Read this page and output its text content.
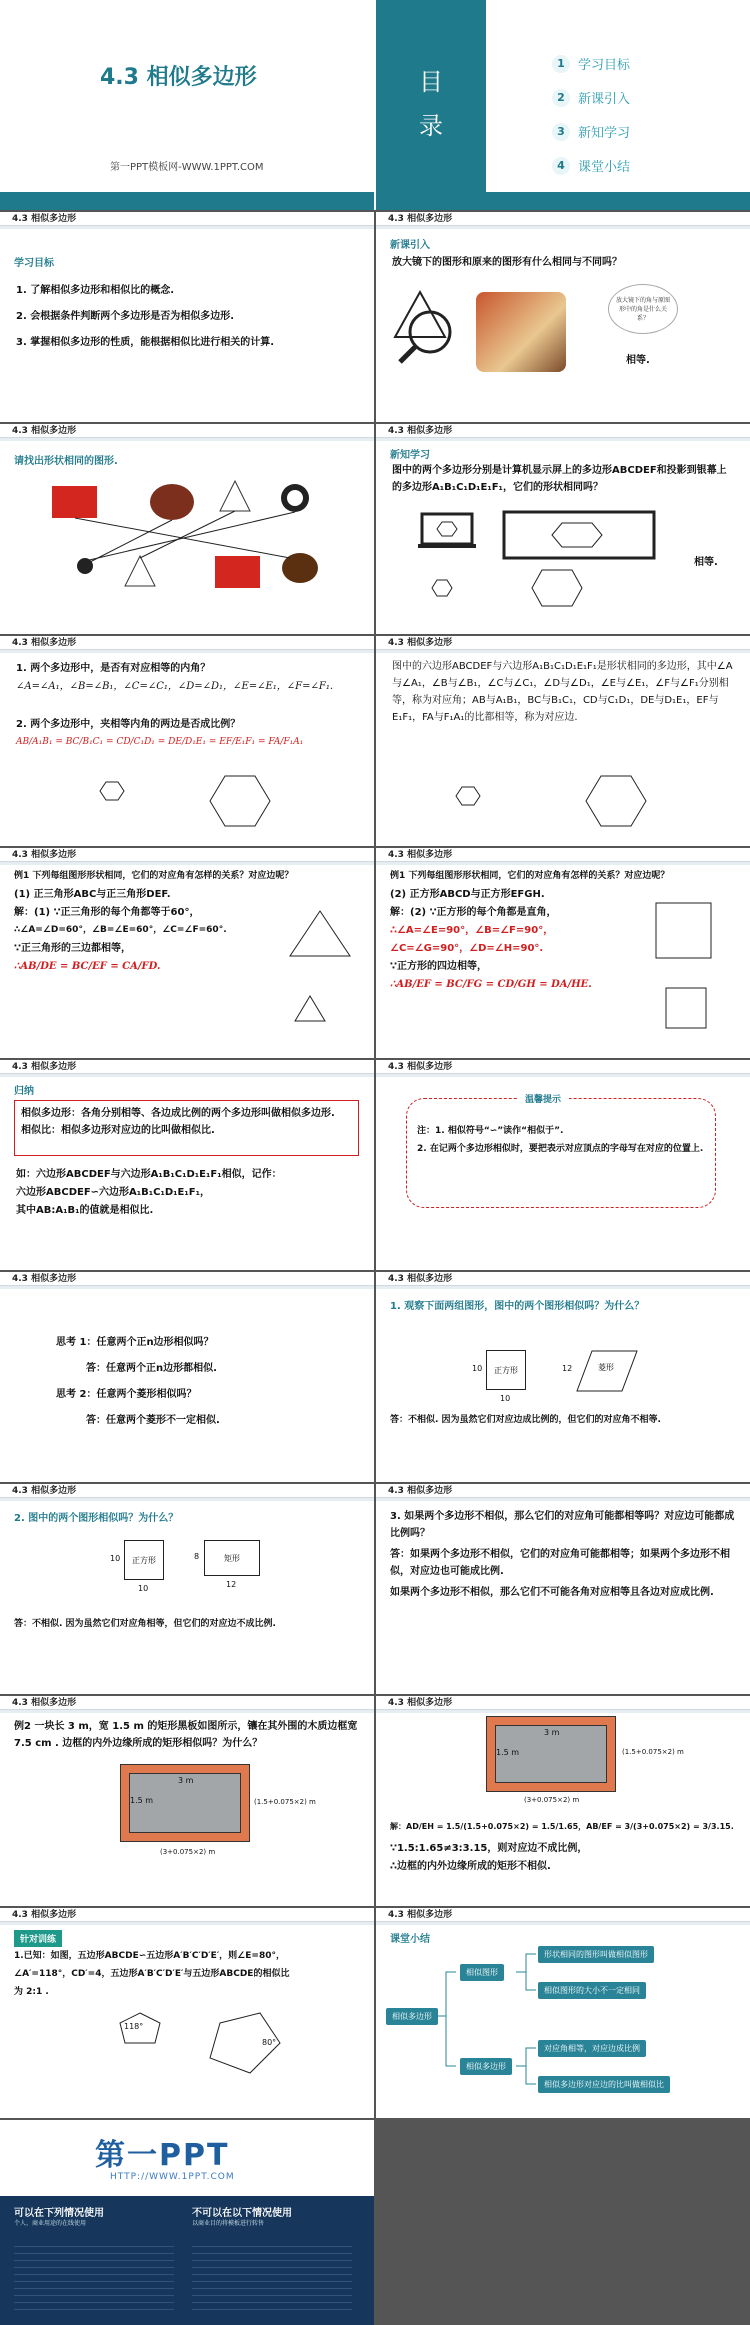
4.3 相似多边形
第一PPT模板网-WWW.1PPT.COM
目录
1	学习目标
2	新课引入
3	新知学习
4	课堂小结
4.3 相似多边形
学习目标
1. 了解相似多边形和相似比的概念.
2. 会根据条件判断两个多边形是否为相似多边形.
3. 掌握相似多边形的性质，能根据相似比进行相关的计算.
4.3 相似多边形
新课引入
放大镜下的图形和原来的图形有什么相同与不同吗？
放大镜下的角与原图形中的角是什么关系？
相等.
4.3 相似多边形
请找出形状相同的图形.
4.3 相似多边形
新知学习
图中的两个多边形分别是计算机显示屏上的多边形ABCDEF和投影到银幕上的多边形A₁B₁C₁D₁E₁F₁，它们的形状相同吗？
相等.
4.3 相似多边形
1. 两个多边形中，是否有对应相等的内角？
∠A=∠A₁，∠B=∠B₁，∠C=∠C₁，∠D=∠D₁，∠E=∠E₁，∠F=∠F₁.
2. 两个多边形中，夹相等内角的两边是否成比例？
AB/A₁B₁ = BC/B₁C₁ = CD/C₁D₁ = DE/D₁E₁ = EF/E₁F₁ = FA/F₁A₁
4.3 相似多边形
图中的六边形ABCDEF与六边形A₁B₁C₁D₁E₁F₁是形状相同的多边形，其中∠A与∠A₁，∠B与∠B₁，∠C与∠C₁，∠D与∠D₁，∠E与∠E₁，∠F与∠F₁分别相等，称为对应角；AB与A₁B₁，BC与B₁C₁，CD与C₁D₁，DE与D₁E₁，EF与E₁F₁，FA与F₁A₁的比都相等，称为对应边.
4.3 相似多边形
例1 下列每组图形形状相同，它们的对应角有怎样的关系？对应边呢？
(1) 正三角形ABC与正三角形DEF.
解：(1) ∵正三角形的每个角都等于60°，
∴∠A=∠D=60°，∠B=∠E=60°，∠C=∠F=60°.
∵正三角形的三边都相等，
∴AB/DE = BC/EF = CA/FD.
4.3 相似多边形
例1 下列每组图形形状相同，它们的对应角有怎样的关系？对应边呢？
(2) 正方形ABCD与正方形EFGH.
解：(2) ∵正方形的每个角都是直角，
∴∠A=∠E=90°，∠B=∠F=90°，
∠C=∠G=90°，∠D=∠H=90°.
∵正方形的四边相等，
∴AB/EF = BC/FG = CD/GH = DA/HE.
4.3 相似多边形
归纳
相似多边形：各角分别相等、各边成比例的两个多边形叫做相似多边形.
相似比：相似多边形对应边的比叫做相似比.
如：六边形ABCDEF与六边形A₁B₁C₁D₁E₁F₁相似，记作：
六边形ABCDEF∽六边形A₁B₁C₁D₁E₁F₁，
其中AB:A₁B₁的值就是相似比.
4.3 相似多边形
温馨提示
注：1. 相似符号“∽”读作“相似于”.
2. 在记两个多边形相似时，要把表示对应顶点的字母写在对应的位置上.
4.3 相似多边形
思考 1：任意两个正n边形相似吗？
答：任意两个正n边形都相似.
思考 2：任意两个菱形相似吗？
答：任意两个菱形不一定相似.
4.3 相似多边形
1. 观察下面两组图形，图中的两个图形相似吗？为什么？
正方形
10
10
菱形
12
答：不相似. 因为虽然它们对应边成比例的，但它们的对应角不相等.
4.3 相似多边形
2. 图中的两个图形相似吗？为什么？
正方形
10
10
矩形
8
12
答：不相似. 因为虽然它们对应角相等，但它们的对应边不成比例.
4.3 相似多边形
3. 如果两个多边形不相似，那么它们的对应角可能都相等吗？对应边可能都成比例吗？
答：如果两个多边形不相似，它们的对应角可能都相等；如果两个多边形不相似，对应边也可能成比例.
如果两个多边形不相似，那么它们不可能各角对应相等且各边对应成比例.
4.3 相似多边形
例2 一块长 3 m，宽 1.5 m 的矩形黑板如图所示，镶在其外围的木质边框宽 7.5 cm . 边框的内外边缘所成的矩形相似吗？为什么？
3 m
1.5 m
(3+0.075×2) m
(1.5+0.075×2) m
4.3 相似多边形
3 m
1.5 m
(3+0.075×2) m
(1.5+0.075×2) m
解：AD/EH = 1.5/(1.5+0.075×2) = 1.5/1.65，AB/EF = 3/(3+0.075×2) = 3/3.15.
∵1.5:1.65≠3:3.15，则对应边不成比例，
∴边框的内外边缘所成的矩形不相似.
4.3 相似多边形
针对训练
1.已知：如图，五边形ABCDE∽五边形A′B′C′D′E′，则∠E=80°，
∠A′=118°，CD′=4，五边形A′B′C′D′E′与五边形ABCDE的相似比
为 2:1 .
118°
80°
4.3 相似多边形
课堂小结
相似多边形
相似图形
相似多边形
形状相同的图形叫做相似图形
相似图形的大小不一定相同
对应角相等，对应边成比例
相似多边形对应边的比叫做相似比
第一PPT
HTTP://WWW.1PPT.COM
可以在下列情况使用	不可以在以下情况使用
个人、商业用途的在线使用	以商业目的将模板进行转售
